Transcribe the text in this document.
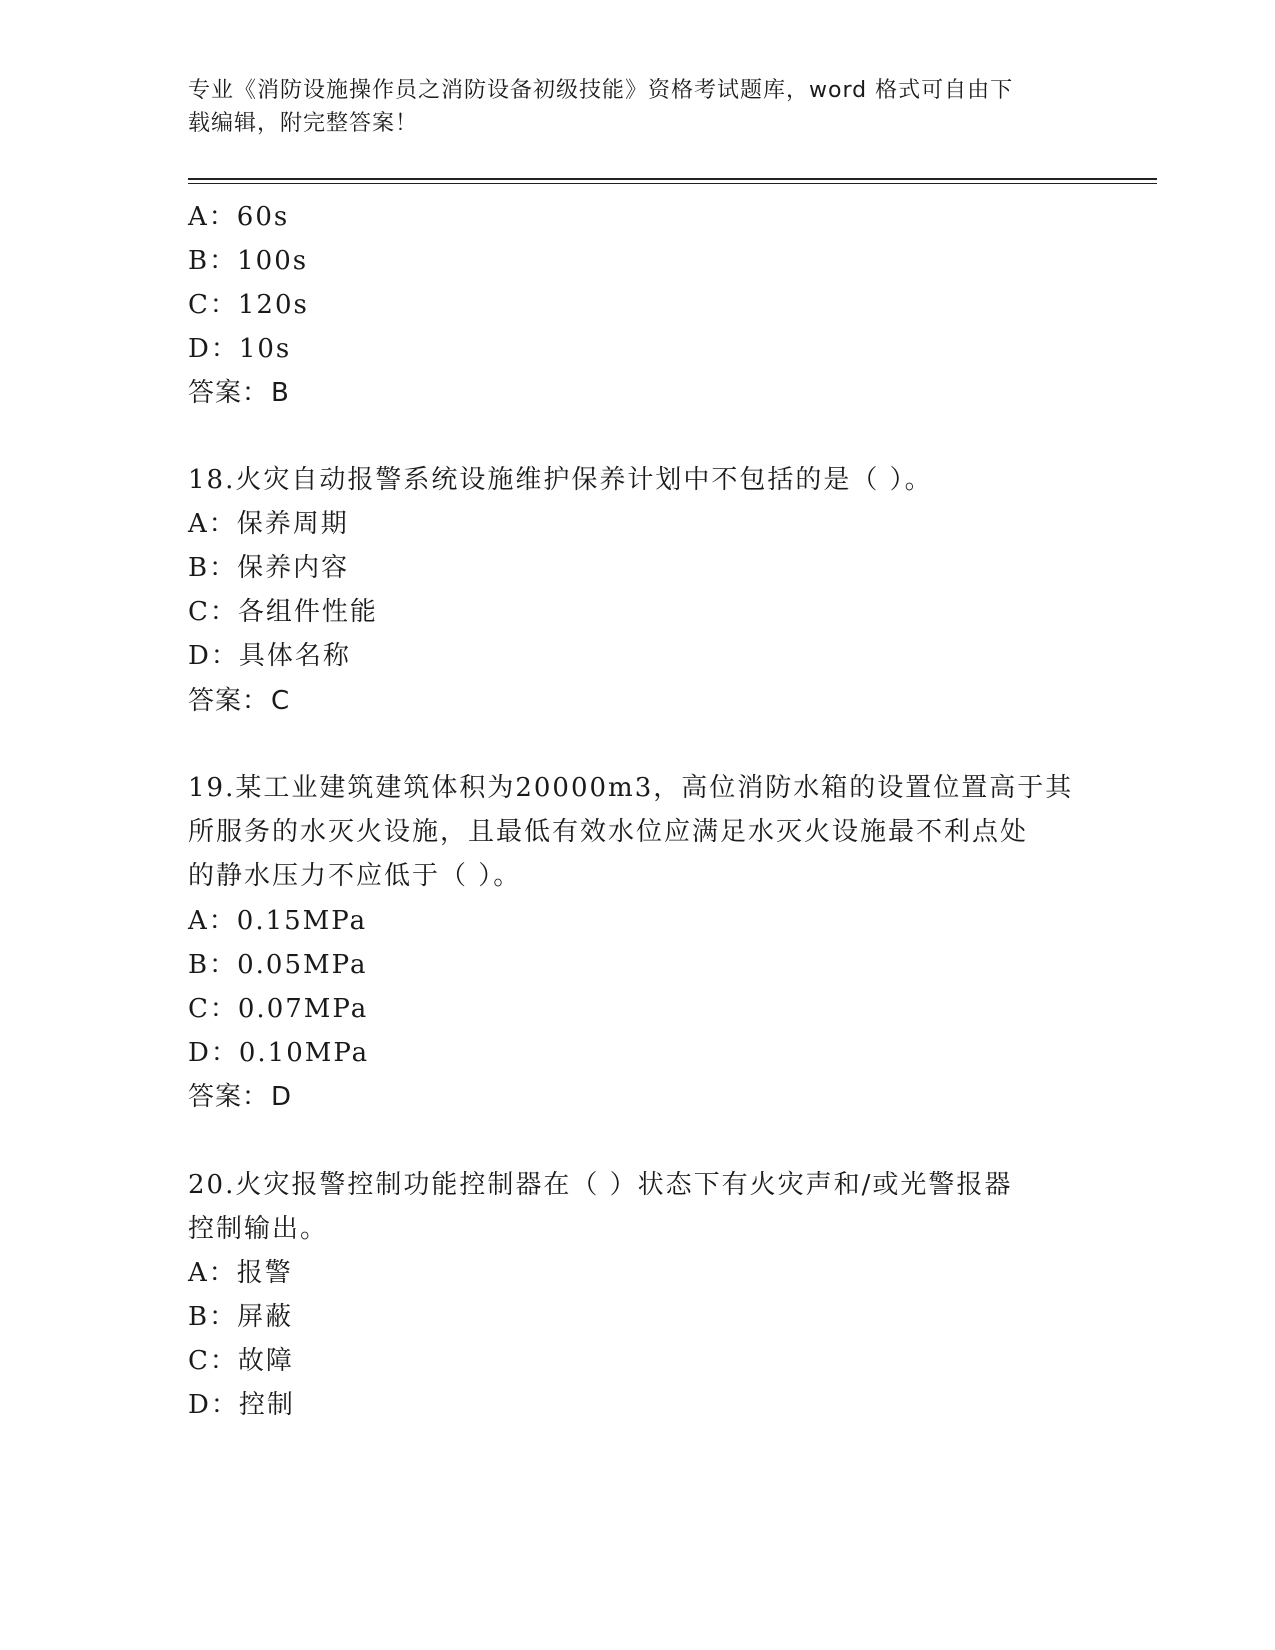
专业《消防设施操作员之消防设备初级技能》资格考试题库，word 格式可自由下
载编辑，附完整答案！
A：60s
B：100s
C：120s
D：10s
答案：B
18.火灾自动报警系统设施维护保养计划中不包括的是（ ）。
A：保养周期
B：保养内容
C：各组件性能
D：具体名称
答案：C
19.某工业建筑建筑体积为20000m3，高位消防水箱的设置位置高于其
所服务的水灭火设施，且最低有效水位应满足水灭火设施最不利点处
的静水压力不应低于（ ）。
A：0.15MPa
B：0.05MPa
C：0.07MPa
D：0.10MPa
答案：D
20.火灾报警控制功能控制器在（ ）状态下有火灾声和/或光警报器
控制输出。
A：报警
B：屏蔽
C：故障
D：控制
